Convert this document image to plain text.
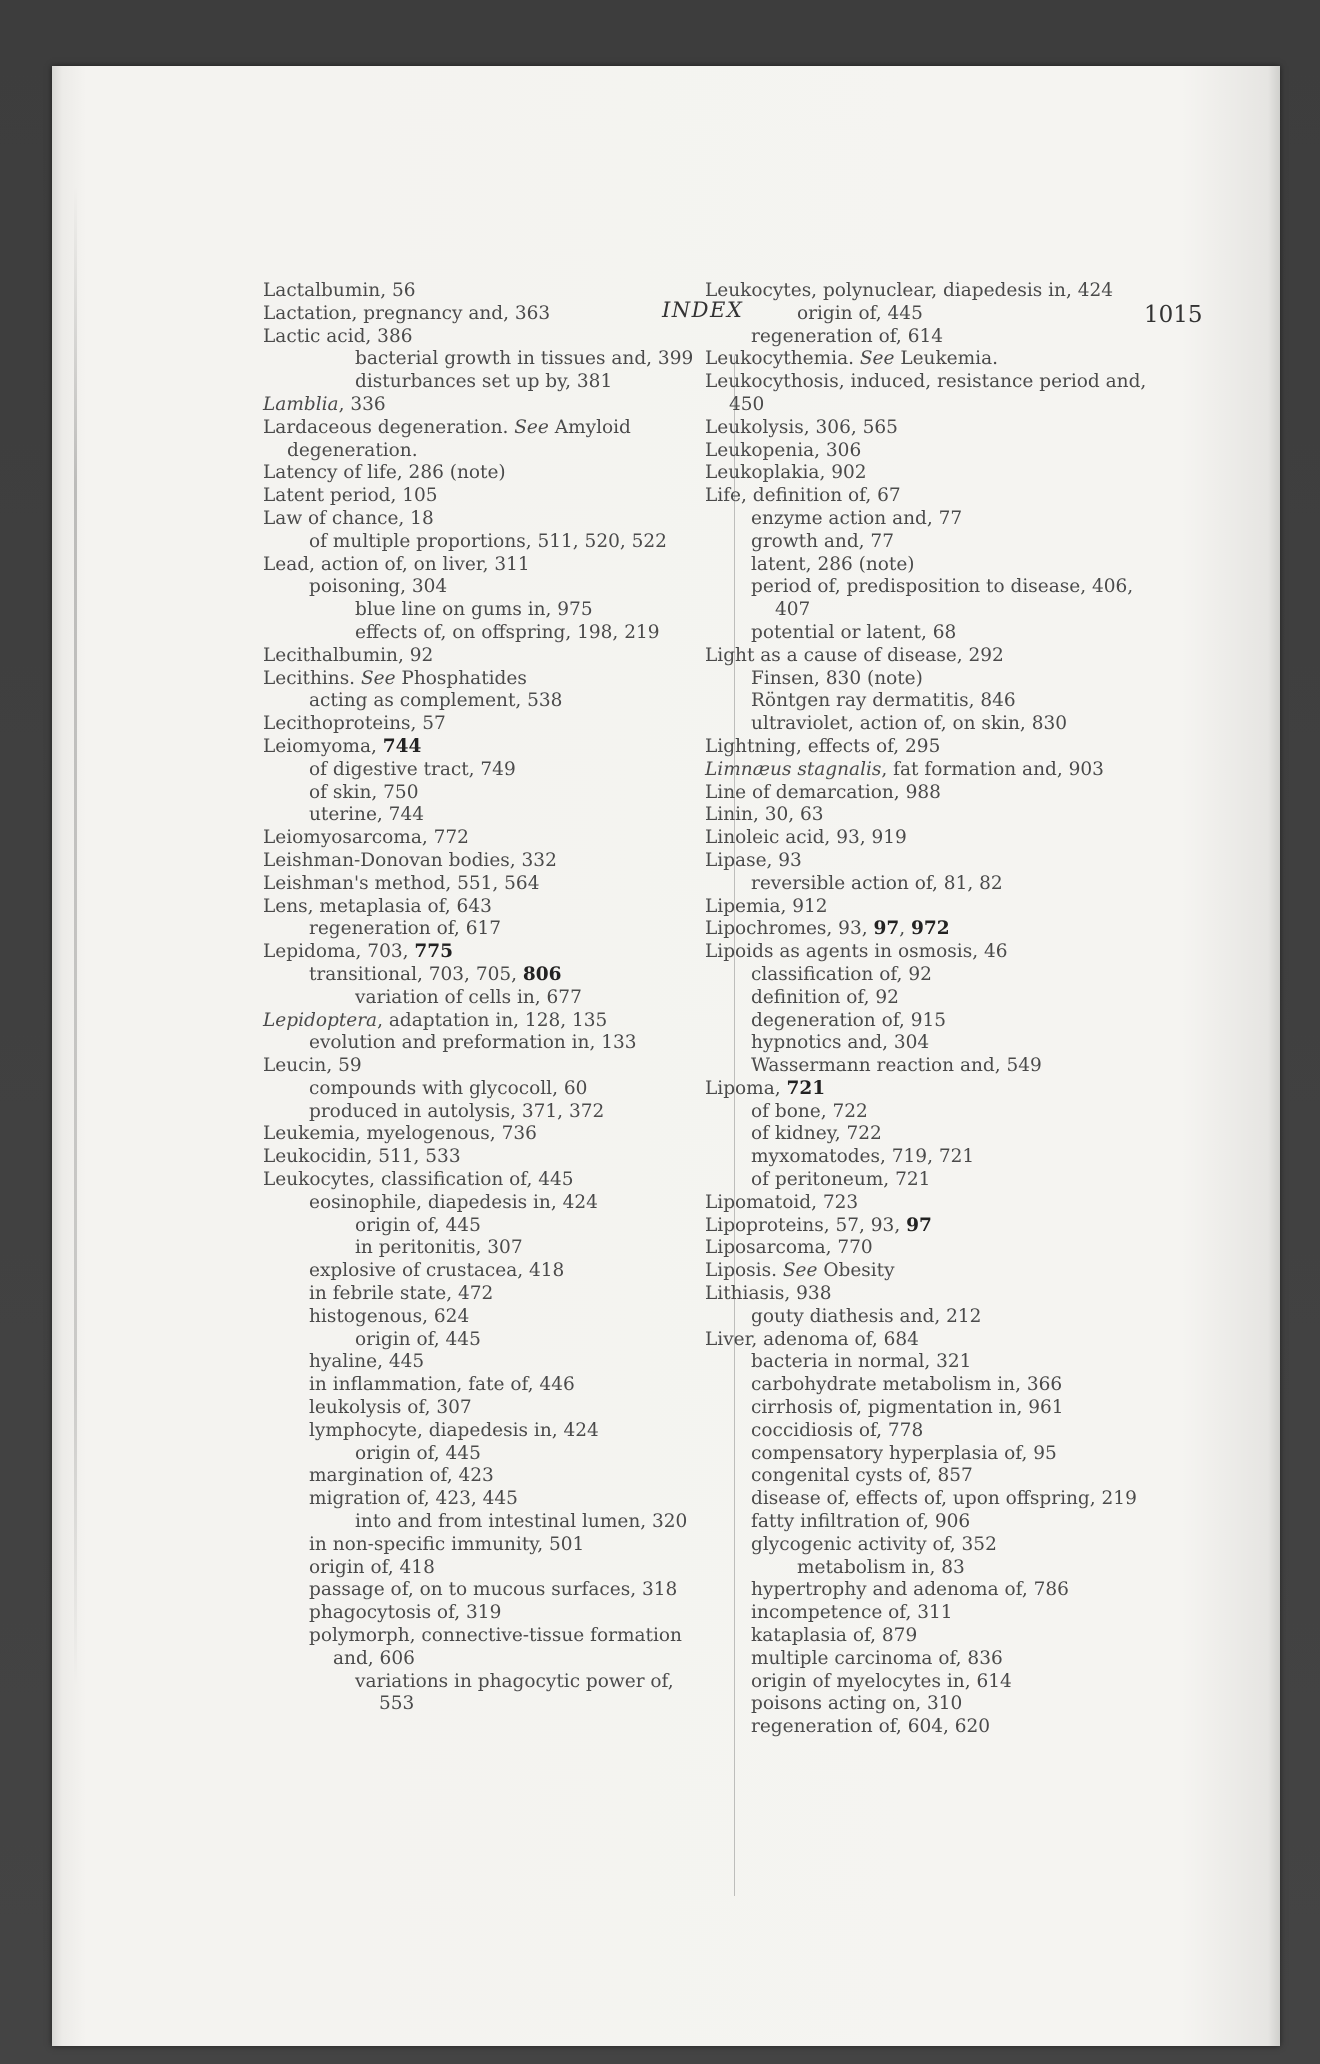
INDEX	1015
Lactalbumin, 56
Lactation, pregnancy and, 363
Lactic acid, 386
bacterial growth in tissues and, 399
disturbances set up by, 381
Lamblia, 336
Lardaceous degeneration. See Amyloid degeneration.
Latency of life, 286 (note)
Latent period, 105
Law of chance, 18
of multiple proportions, 511, 520, 522
Lead, action of, on liver, 311
poisoning, 304
blue line on gums in, 975
effects of, on offspring, 198, 219
Lecithalbumin, 92
Lecithins. See Phosphatides
acting as complement, 538
Lecithoproteins, 57
Leiomyoma, 744
of digestive tract, 749
of skin, 750
uterine, 744
Leiomyosarcoma, 772
Leishman-Donovan bodies, 332
Leishman's method, 551, 564
Lens, metaplasia of, 643
regeneration of, 617
Lepidoma, 703, 775
transitional, 703, 705, 806
variation of cells in, 677
Lepidoptera, adaptation in, 128, 135
evolution and preformation in, 133
Leucin, 59
compounds with glycocoll, 60
produced in autolysis, 371, 372
Leukemia, myelogenous, 736
Leukocidin, 511, 533
Leukocytes, classification of, 445
eosinophile, diapedesis in, 424
origin of, 445
in peritonitis, 307
explosive of crustacea, 418
in febrile state, 472
histogenous, 624
origin of, 445
hyaline, 445
in inflammation, fate of, 446
leukolysis of, 307
lymphocyte, diapedesis in, 424
origin of, 445
margination of, 423
migration of, 423, 445
into and from intestinal lumen, 320
in non-specific immunity, 501
origin of, 418
passage of, on to mucous surfaces, 318
phagocytosis of, 319
polymorph, connective-tissue formation and, 606
variations in phagocytic power of, 553
Leukocytes, polynuclear, diapedesis in, 424
origin of, 445
regeneration of, 614
Leukocythemia. See Leukemia.
Leukocythosis, induced, resistance period and, 450
Leukolysis, 306, 565
Leukopenia, 306
Leukoplakia, 902
Life, definition of, 67
enzyme action and, 77
growth and, 77
latent, 286 (note)
period of, predisposition to disease, 406, 407
potential or latent, 68
Light as a cause of disease, 292
Finsen, 830 (note)
Röntgen ray dermatitis, 846
ultraviolet, action of, on skin, 830
Lightning, effects of, 295
Limnæus stagnalis, fat formation and, 903
Line of demarcation, 988
Linin, 30, 63
Linoleic acid, 93, 919
Lipase, 93
reversible action of, 81, 82
Lipemia, 912
Lipochromes, 93, 97, 972
Lipoids as agents in osmosis, 46
classification of, 92
definition of, 92
degeneration of, 915
hypnotics and, 304
Wassermann reaction and, 549
Lipoma, 721
of bone, 722
of kidney, 722
myxomatodes, 719, 721
of peritoneum, 721
Lipomatoid, 723
Lipoproteins, 57, 93, 97
Liposarcoma, 770
Liposis. See Obesity
Lithiasis, 938
gouty diathesis and, 212
Liver, adenoma of, 684
bacteria in normal, 321
carbohydrate metabolism in, 366
cirrhosis of, pigmentation in, 961
coccidiosis of, 778
compensatory hyperplasia of, 95
congenital cysts of, 857
disease of, effects of, upon offspring, 219
fatty infiltration of, 906
glycogenic activity of, 352
metabolism in, 83
hypertrophy and adenoma of, 786
incompetence of, 311
kataplasia of, 879
multiple carcinoma of, 836
origin of myelocytes in, 614
poisons acting on, 310
regeneration of, 604, 620
